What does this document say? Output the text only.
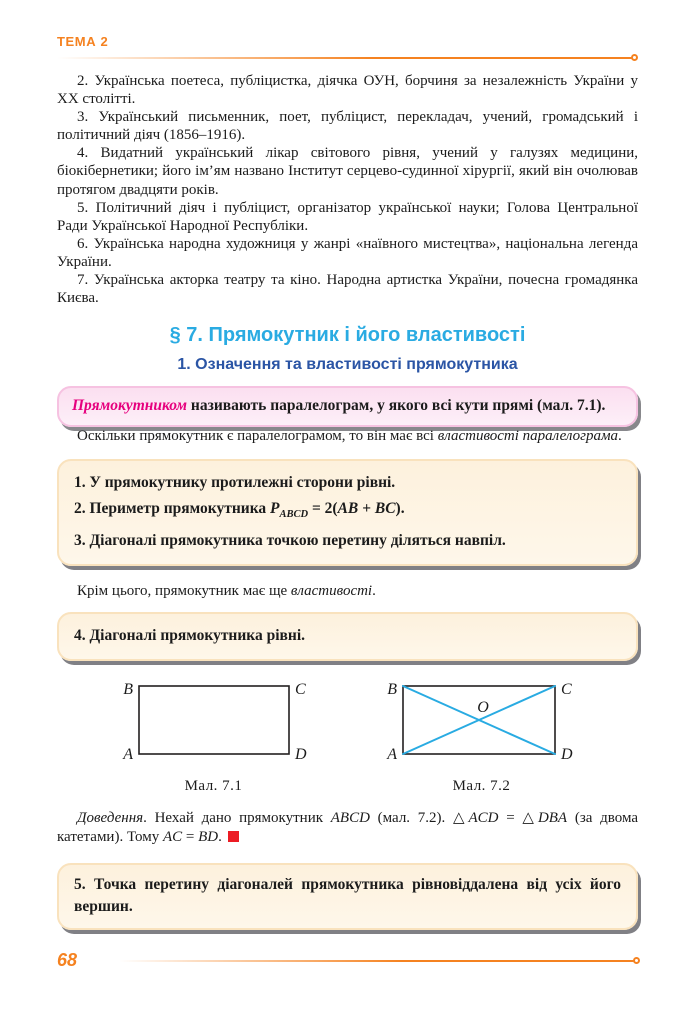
ТЕМА 2

2. Українська поетеса, публіцистка, діячка ОУН, борчиня за незалежність України у ХХ столітті.

3. Український письменник, поет, публіцист, перекладач, учений, громадський і політичний діяч (1856–1916).

4. Видатний український лікар світового рівня, учений у галузях медицини, біокібернетики; його ім’ям названо Інститут серцево-судинної хірургії, який він очолював протягом двадцяти років.

5. Політичний діяч і публіцист, організатор української науки; Голова Центральної Ради Української Народної Республіки.

6. Українська народна художниця у жанрі «наївного мистецтва», національна легенда України.

7. Українська акторка театру та кіно. Народна артистка України, почесна громадянка Києва.

§ 7. Прямокутник і його властивості
1. Означення та властивості прямокутника

Прямокутником називають паралелограм, у якого всі кути прямі (мал. 7.1).

Оскільки прямокутник є паралелограмом, то він має всі властивості паралелограма.

1. У прямокутнику протилежні сторони рівні.

2. Периметр прямокутника $P_{ABCD} = 2(AB + BC)$.

3. Діагоналі прямокутника точкою перетину діляться навпіл.

Крім цього, прямокутник має ще властивості.

4. Діагоналі прямокутника рівні.

B	C
A	D
Мал. 7.1
B	C
A	D
O
Мал. 7.2

Доведення. Нехай дано прямокутник ABCD (мал. 7.2). △ACD = △DBA (за двома катетами). Тому AC = BD.

5. Точка перетину діагоналей прямокутника рівновіддалена від усіх його вершин.

68
